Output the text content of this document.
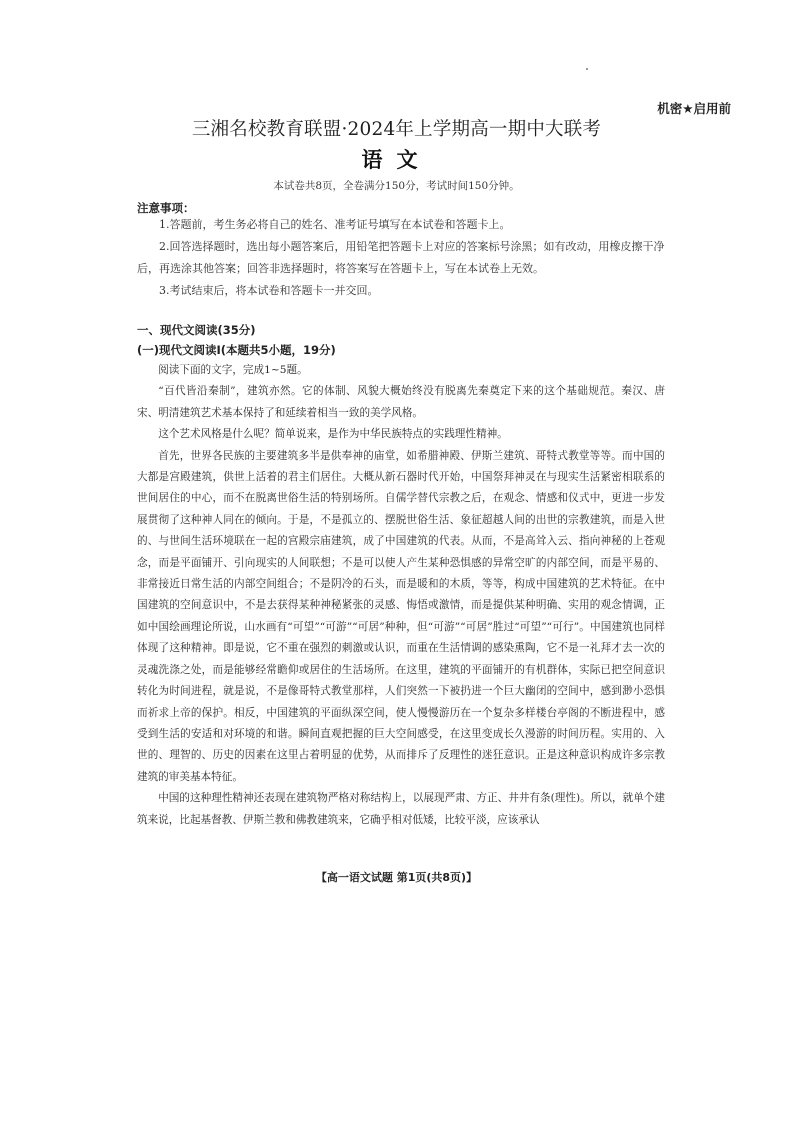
机密★启用前
三湘名校教育联盟·2024年上学期高一期中大联考
语文
本试卷共8页，全卷满分150分，考试时间150分钟。
注意事项：

1.答题前，考生务必将自己的姓名、准考证号填写在本试卷和答题卡上。

2.回答选择题时，选出每小题答案后，用铅笔把答题卡上对应的答案标号涂黑；如有改动，用橡皮擦干净后，再选涂其他答案；回答非选择题时，将答案写在答题卡上，写在本试卷上无效。

3.考试结束后，将本试卷和答题卡一并交回。

一、现代文阅读(35分)
(一)现代文阅读Ⅰ(本题共5小题，19分)

阅读下面的文字，完成1~5题。

“百代皆沿秦制”，建筑亦然。它的体制、风貌大概始终没有脱离先秦奠定下来的这个基础规范。秦汉、唐宋、明清建筑艺术基本保持了和延续着相当一致的美学风格。

这个艺术风格是什么呢？简单说来，是作为中华民族特点的实践理性精神。

首先，世界各民族的主要建筑多半是供奉神的庙堂，如希腊神殿、伊斯兰建筑、哥特式教堂等等。而中国的大都是宫殿建筑，供世上活着的君主们居住。大概从新石器时代开始，中国祭拜神灵在与现实生活紧密相联系的世间居住的中心，而不在脱离世俗生活的特别场所。自儒学替代宗教之后，在观念、情感和仪式中，更进一步发展贯彻了这种神人同在的倾向。于是，不是孤立的、摆脱世俗生活、象征超越人间的出世的宗教建筑，而是入世的、与世间生活环境联在一起的宫殿宗庙建筑，成了中国建筑的代表。从而，不是高耸入云、指向神秘的上苍观念，而是平面铺开、引向现实的人间联想；不是可以使人产生某种恐惧感的异常空旷的内部空间，而是平易的、非常接近日常生活的内部空间组合；不是阴冷的石头，而是暖和的木质，等等，构成中国建筑的艺术特征。在中国建筑的空间意识中，不是去获得某种神秘紧张的灵感、悔悟或激情，而是提供某种明确、实用的观念情调，正如中国绘画理论所说，山水画有“可望”“可游”“可居”种种，但“可游”“可居”胜过“可望”“可行”。中国建筑也同样体现了这种精神。即是说，它不重在强烈的刺激或认识，而重在生活情调的感染熏陶，它不是一礼拜才去一次的灵魂洗涤之处，而是能够经常瞻仰或居住的生活场所。在这里，建筑的平面铺开的有机群体，实际已把空间意识转化为时间进程，就是说，不是像哥特式教堂那样，人们突然一下被扔进一个巨大幽闭的空间中，感到渺小恐惧而祈求上帝的保护。相反，中国建筑的平面纵深空间，使人慢慢游历在一个复杂多样楼台亭阁的不断进程中，感受到生活的安适和对环境的和谐。瞬间直观把握的巨大空间感受，在这里变成长久漫游的时间历程。实用的、入世的、理智的、历史的因素在这里占着明显的优势，从而排斥了反理性的迷狂意识。正是这种意识构成许多宗教建筑的审美基本特征。

中国的这种理性精神还表现在建筑物严格对称结构上，以展现严肃、方正、井井有条(理性)。所以，就单个建筑来说，比起基督教、伊斯兰教和佛教建筑来，它确乎相对低矮，比较平淡，应该承认

【高一语文试题 第1页(共8页)】
